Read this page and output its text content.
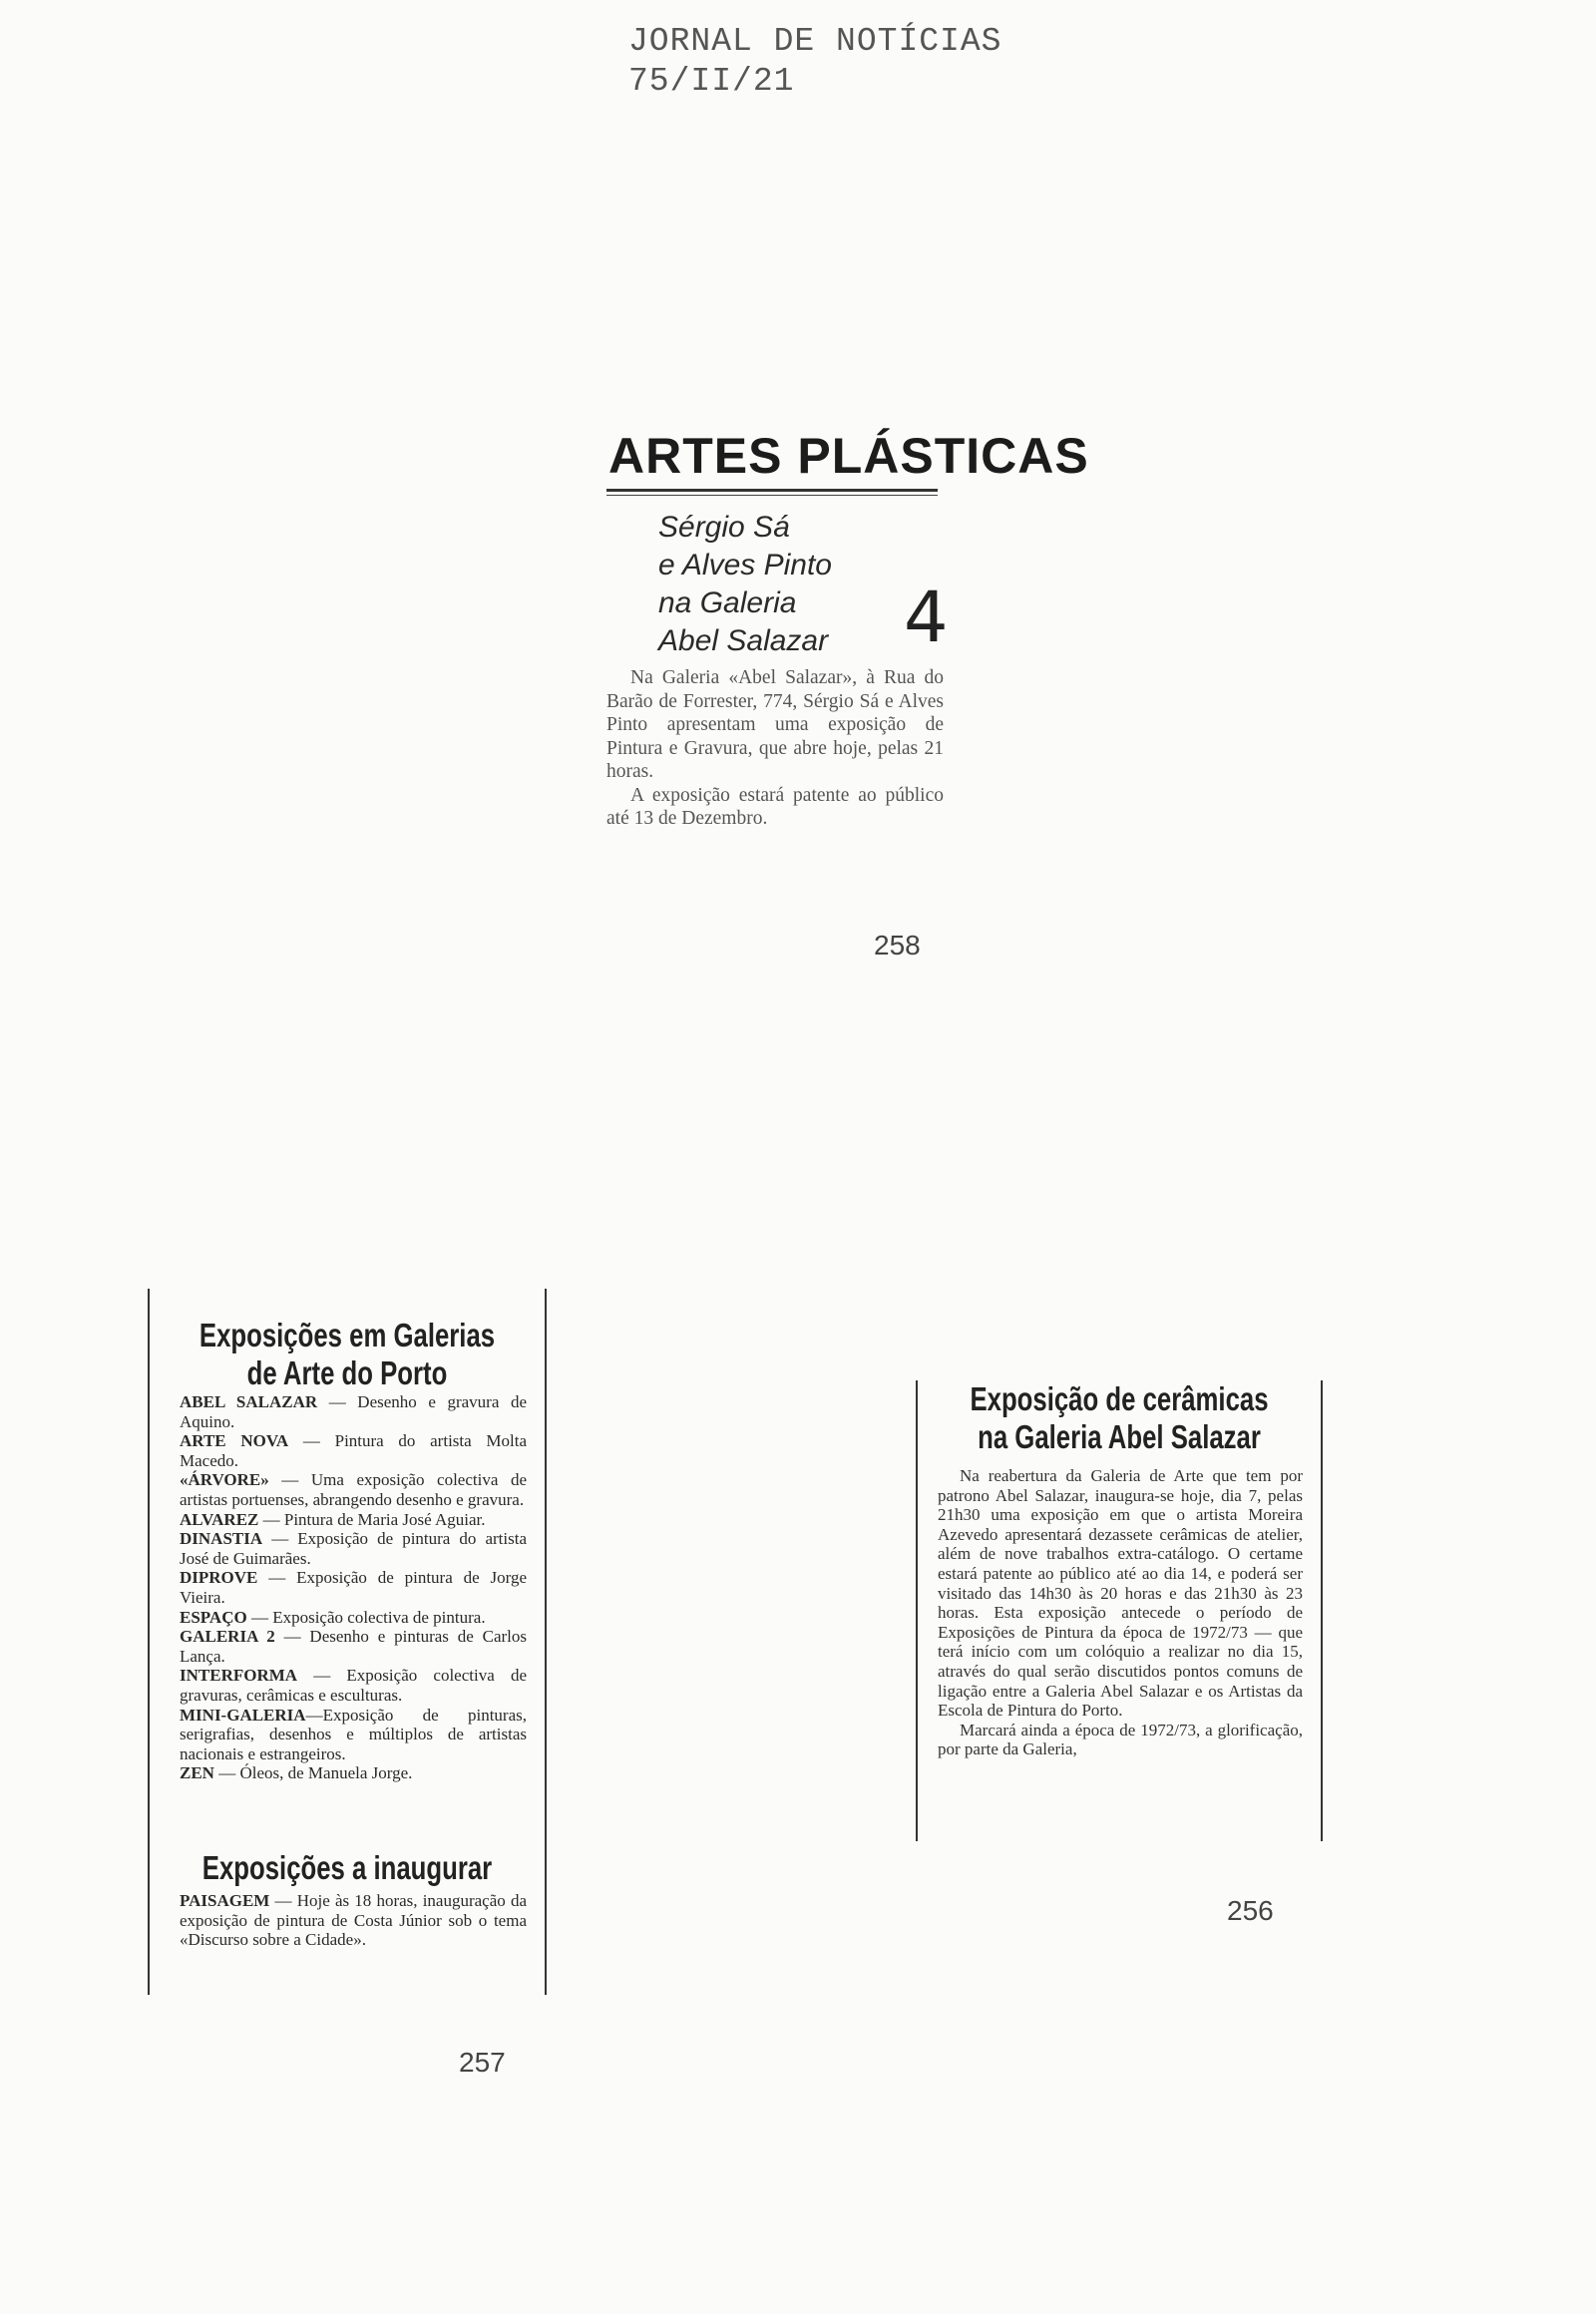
JORNAL DE NOTÍCIAS
75/II/21
ARTES PLÁSTICAS
Sérgio Sá
e Alves Pinto
na Galeria
Abel Salazar 4

Na Galeria «Abel Salazar», à Rua do Barão de Forrester, 774, Sérgio Sá e Alves Pinto apresentam uma exposição de Pintura e Gravura, que abre hoje, pelas 21 horas.

A exposição estará patente ao público até 13 de Dezembro.

258
Exposições em Galerias de Arte do Porto

ABEL SALAZAR — Desenho e gravura de Aquino.

ARTE NOVA — Pintura do artista Molta Macedo.

«ÁRVORE» — Uma exposição colectiva de artistas portuenses, abrangendo desenho e gravura.

ALVAREZ — Pintura de Maria José Aguiar.

DINASTIA — Exposição de pintura do artista José de Guimarães.

DIPROVE — Exposição de pintura de Jorge Vieira.

ESPAÇO — Exposição colectiva de pintura.

GALERIA 2 — Desenho e pinturas de Carlos Lança.

INTERFORMA — Exposição colectiva de gravuras, cerâmicas e esculturas.

MINI-GALERIA—Exposição de pinturas, serigrafias, desenhos e múltiplos de artistas nacionais e estrangeiros.

ZEN — Óleos, de Manuela Jorge.

Exposições a inaugurar

PAISAGEM — Hoje às 18 horas, inauguração da exposição de pintura de Costa Júnior sob o tema «Discurso sobre a Cidade».

257
Exposição de cerâmicas
na Galeria Abel Salazar

Na reabertura da Galeria de Arte que tem por patrono Abel Salazar, inaugura-se hoje, dia 7, pelas 21h30 uma exposição em que o artista Moreira Azevedo apresentará dezassete cerâmicas de atelier, além de nove trabalhos extra-catálogo. O certame estará patente ao público até ao dia 14, e poderá ser visitado das 14h30 às 20 horas e das 21h30 às 23 horas. Esta exposição antecede o período de Exposições de Pintura da época de 1972/73 — que terá início com um colóquio a realizar no dia 15, através do qual serão discutidos pontos comuns de ligação entre a Galeria Abel Salazar e os Artistas da Escola de Pintura do Porto.

Marcará ainda a época de 1972/73, a glorificação, por parte da Galeria,

256
